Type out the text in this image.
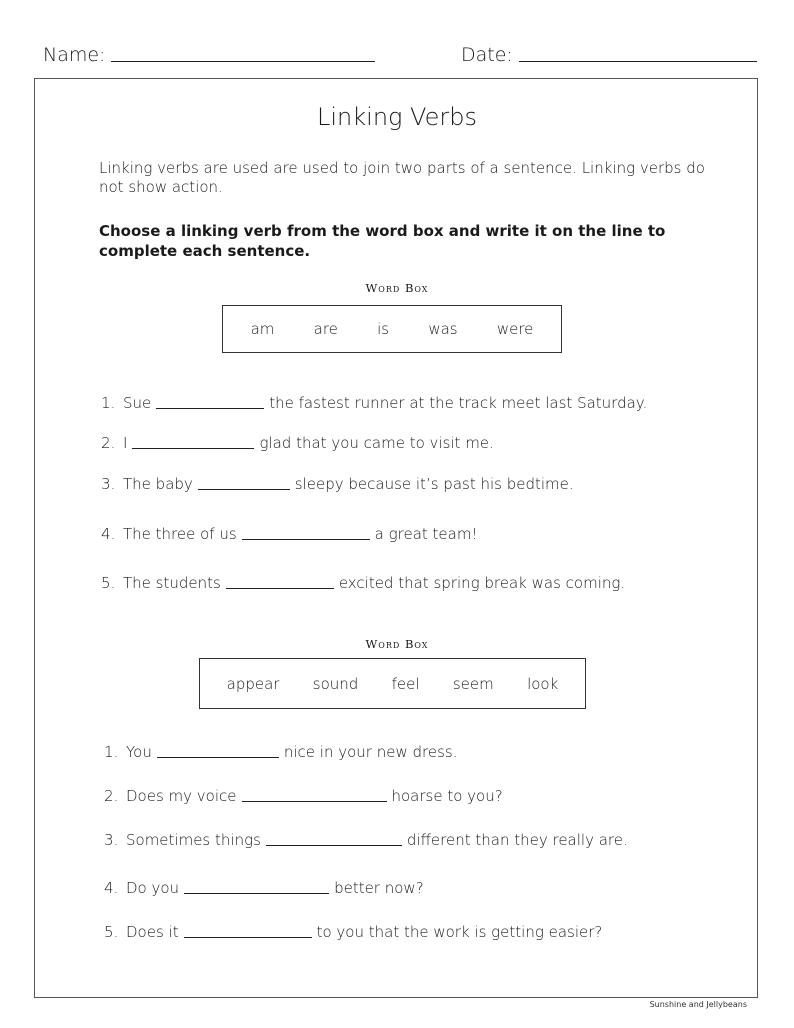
Name:	Date:
Linking Verbs
Linking verbs are used are used to join two parts of a sentence. Linking verbs do not show action.
Choose a linking verb from the word box and write it on the line to complete each sentence.
Word Box
am	are	is	was	were
1. Sue	the fastest runner at the track meet last Saturday.
2. I	glad that you came to visit me.
3. The baby	sleepy because it’s past his bedtime.
4. The three of us	a great team!
5. The students	excited that spring break was coming.
Word Box
appear sound feel seem look
1. You	nice in your new dress.
2. Does my voice	hoarse to you?
3. Sometimes things	different than they really are.
4. Do you	better now?
5. Does it	to you that the work is getting easier?
Sunshine and Jellybeans
